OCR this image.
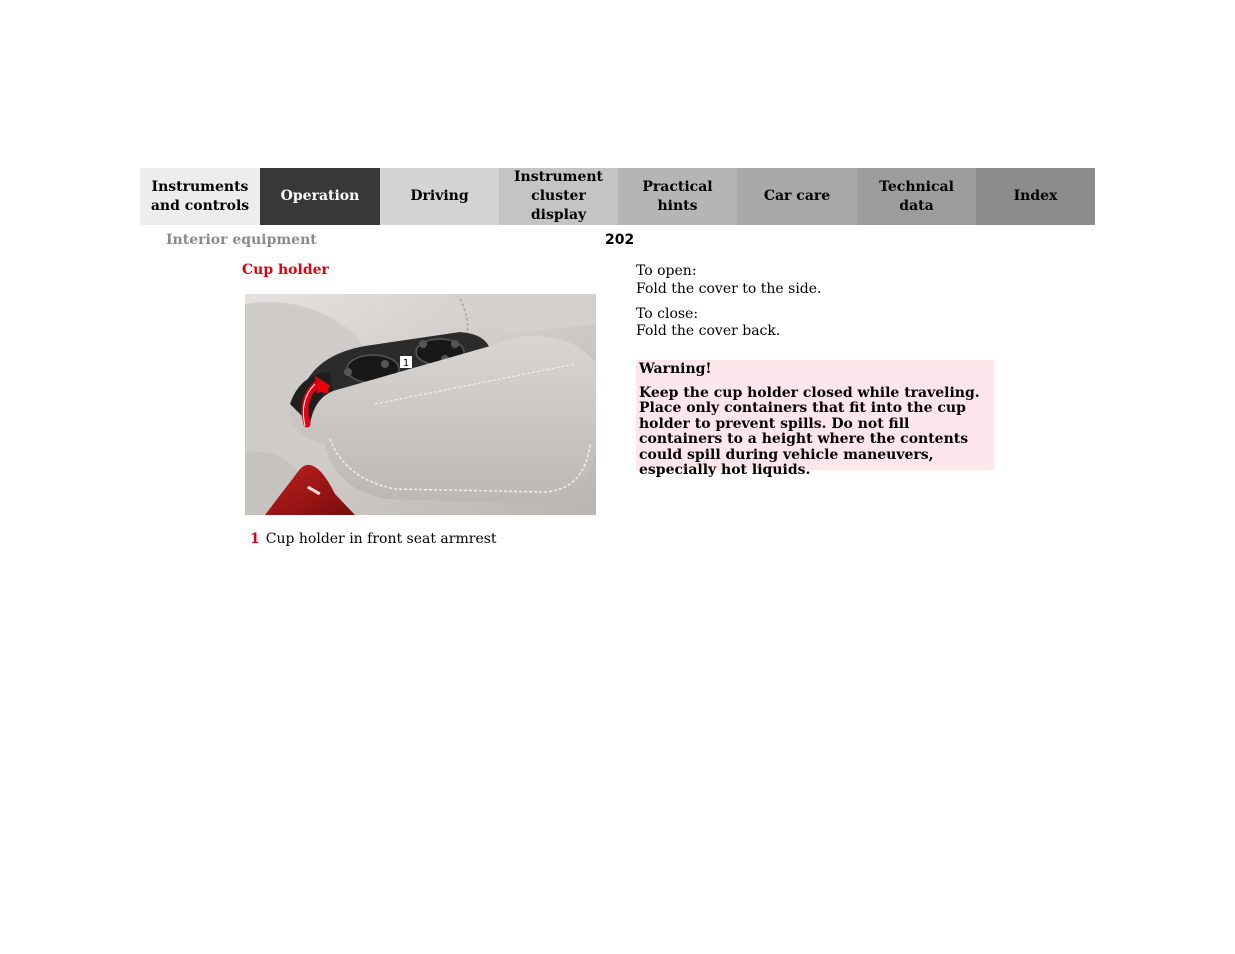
Instruments
and controls
Operation	Driving
Instrument
cluster display
Practical hints
Car care
Technical
data
Index
Interior equipment	202
Cup holder
1
1 Cup holder in front seat armrest
To open:
Fold the cover to the side.
To close:
Fold the cover back.
Warning!
Keep the cup holder closed while traveling. Place only containers that fit into the cup holder to prevent spills. Do not fill containers to a height where the contents could spill during vehicle maneuvers, especially hot liquids.
